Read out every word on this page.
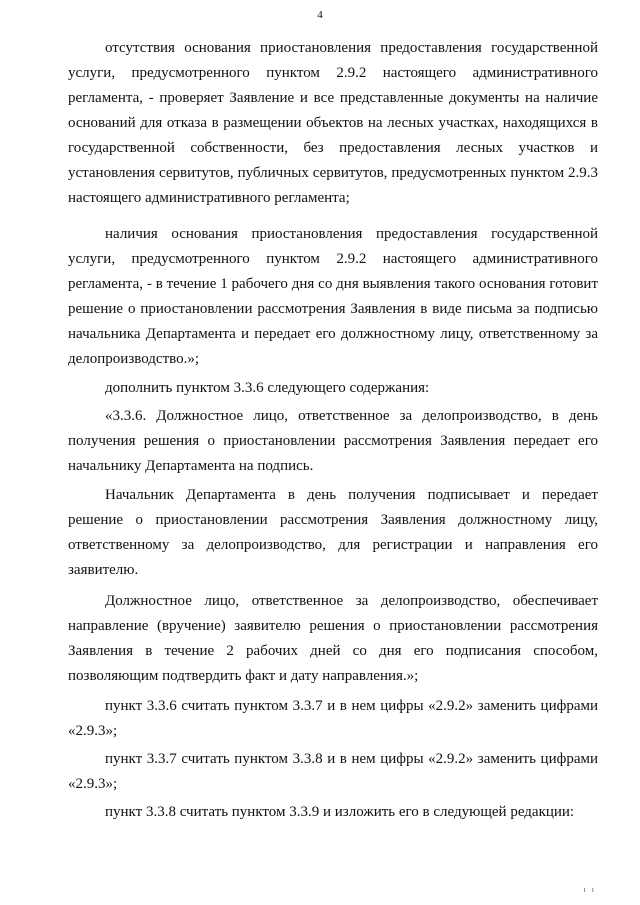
4

отсутствия основания приостановления предоставления государственной услуги, предусмотренного пунктом 2.9.2 настоящего административного регламента, - проверяет Заявление и все представленные документы на наличие оснований для отказа в размещении объектов на лесных участках, находящихся в государственной собственности, без предоставления лесных участков и установления сервитутов, публичных сервитутов, предусмотренных пунктом 2.9.3 настоящего административного регламента;

наличия основания приостановления предоставления государственной услуги, предусмотренного пунктом 2.9.2 настоящего административного регламента, - в течение 1 рабочего дня со дня выявления такого основания готовит решение о приостановлении рассмотрения Заявления в виде письма за подписью начальника Департамента и передает его должностному лицу, ответственному за делопроизводство.»;

дополнить пунктом 3.3.6 следующего содержания:

«3.3.6. Должностное лицо, ответственное за делопроизводство, в день получения решения о приостановлении рассмотрения Заявления передает его начальнику Департамента на подпись.

Начальник Департамента в день получения подписывает и передает решение о приостановлении рассмотрения Заявления должностному лицу, ответственному за делопроизводство, для регистрации и направления его заявителю.

Должностное лицо, ответственное за делопроизводство, обеспечивает направление (вручение) заявителю решения о приостановлении рассмотрения Заявления в течение 2 рабочих дней со дня его подписания способом, позволяющим подтвердить факт и дату направления.»;

пункт 3.3.6 считать пунктом 3.3.7 и в нем цифры «2.9.2» заменить цифрами «2.9.3»;

пункт 3.3.7 считать пунктом 3.3.8 и в нем цифры «2.9.2» заменить цифрами «2.9.3»;

пункт 3.3.8 считать пунктом 3.3.9 и изложить его в следующей редакции:

ı ı
